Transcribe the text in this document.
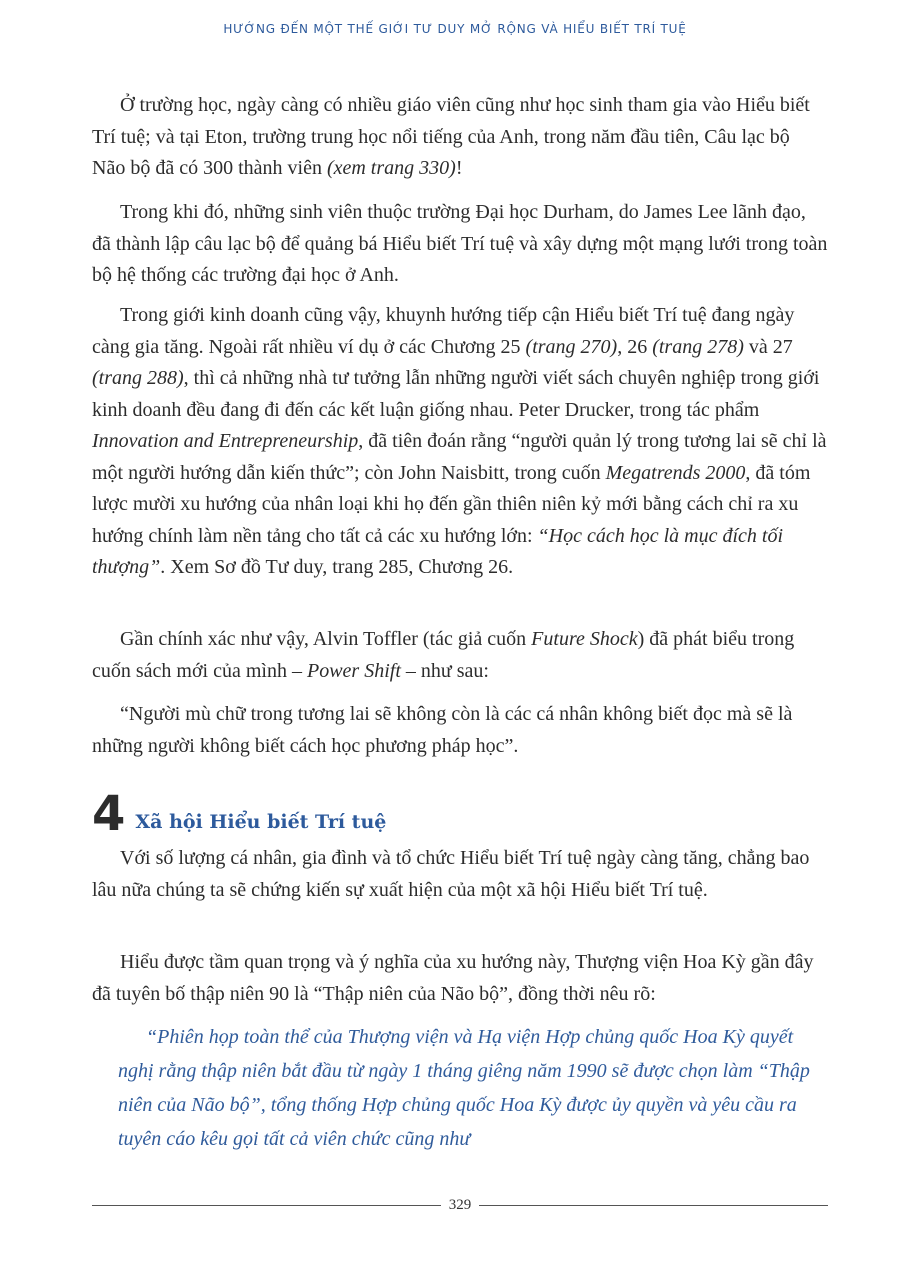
HƯỚNG ĐẾN MỘT THẾ GIỚI TƯ DUY MỞ RỘNG VÀ HIỂU BIẾT TRÍ TUỆ

Ở trường học, ngày càng có nhiều giáo viên cũng như học sinh tham gia vào Hiểu biết Trí tuệ; và tại Eton, trường trung học nổi tiếng của Anh, trong năm đầu tiên, Câu lạc bộ Não bộ đã có 300 thành viên (xem trang 330)!

Trong khi đó, những sinh viên thuộc trường Đại học Durham, do James Lee lãnh đạo, đã thành lập câu lạc bộ để quảng bá Hiểu biết Trí tuệ và xây dựng một mạng lưới trong toàn bộ hệ thống các trường đại học ở Anh.

Trong giới kinh doanh cũng vậy, khuynh hướng tiếp cận Hiểu biết Trí tuệ đang ngày càng gia tăng. Ngoài rất nhiều ví dụ ở các Chương 25 (trang 270), 26 (trang 278) và 27 (trang 288), thì cả những nhà tư tưởng lẫn những người viết sách chuyên nghiệp trong giới kinh doanh đều đang đi đến các kết luận giống nhau. Peter Drucker, trong tác phẩm Innovation and Entrepreneurship, đã tiên đoán rằng “người quản lý trong tương lai sẽ chỉ là một người hướng dẫn kiến thức”; còn John Naisbitt, trong cuốn Megatrends 2000, đã tóm lược mười xu hướng của nhân loại khi họ đến gần thiên niên kỷ mới bằng cách chỉ ra xu hướng chính làm nền tảng cho tất cả các xu hướng lớn: “Học cách học là mục đích tối thượng”. Xem Sơ đồ Tư duy, trang 285, Chương 26.

Gần chính xác như vậy, Alvin Toffler (tác giả cuốn Future Shock) đã phát biểu trong cuốn sách mới của mình – Power Shift – như sau:

“Người mù chữ trong tương lai sẽ không còn là các cá nhân không biết đọc mà sẽ là những người không biết cách học phương pháp học”.

4 Xã hội Hiểu biết Trí tuệ

Với số lượng cá nhân, gia đình và tổ chức Hiểu biết Trí tuệ ngày càng tăng, chẳng bao lâu nữa chúng ta sẽ chứng kiến sự xuất hiện của một xã hội Hiểu biết Trí tuệ.

Hiểu được tầm quan trọng và ý nghĩa của xu hướng này, Thượng viện Hoa Kỳ gần đây đã tuyên bố thập niên 90 là “Thập niên của Não bộ”, đồng thời nêu rõ:

“Phiên họp toàn thể của Thượng viện và Hạ viện Hợp chủng quốc Hoa Kỳ quyết nghị rằng thập niên bắt đầu từ ngày 1 tháng giêng năm 1990 sẽ được chọn làm “Thập niên của Não bộ”, tổng thống Hợp chủng quốc Hoa Kỳ được ủy quyền và yêu cầu ra tuyên cáo kêu gọi tất cả viên chức cũng như

329
